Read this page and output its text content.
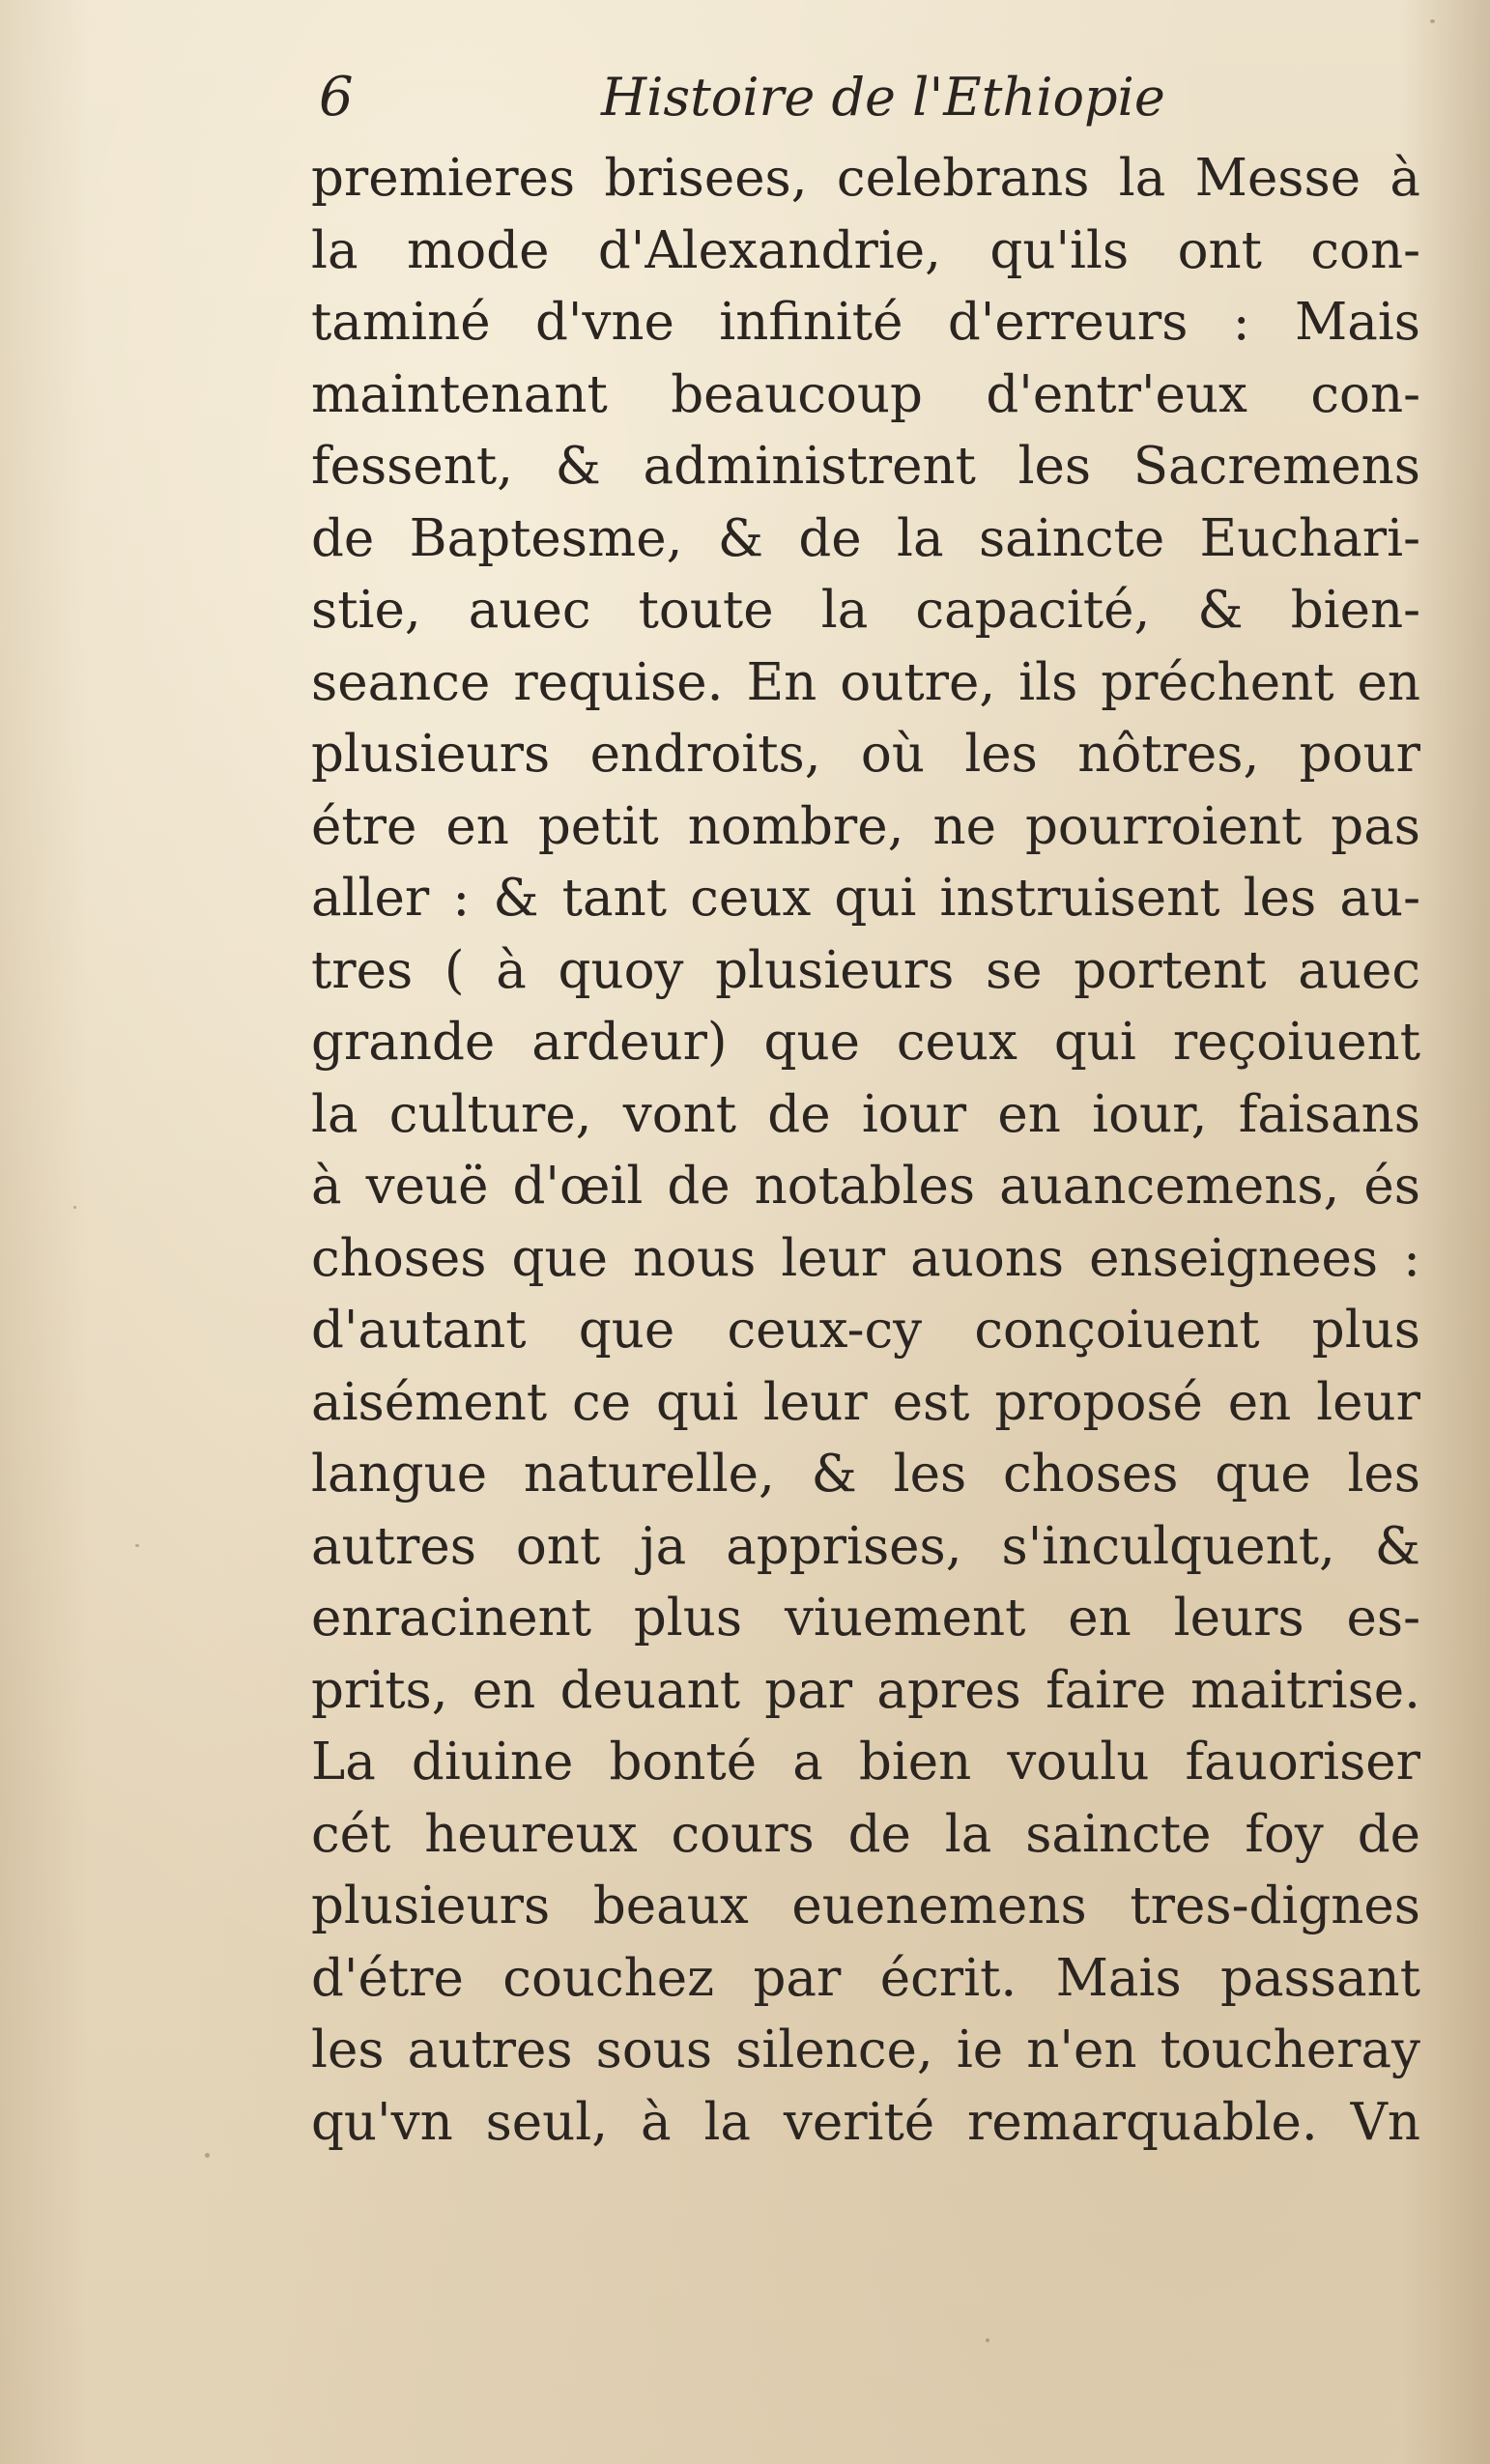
6	Histoire de l'Ethiopie
premieres brisees, celebrans la Messe à
la mode d'Alexandrie, qu'ils ont con-
taminé d'vne infinité d'erreurs : Mais
maintenant beaucoup d'entr'eux con-
fessent, & administrent les Sacremens
de Baptesme, & de la saincte Euchari-
stie, auec toute la capacité, & bien-
seance requise. En outre, ils préchent en
plusieurs endroits, où les nôtres, pour
étre en petit nombre, ne pourroient pas
aller : & tant ceux qui instruisent les au-
tres ( à quoy plusieurs se portent auec
grande ardeur) que ceux qui reçoiuent
la culture, vont de iour en iour, faisans
à veuë d'œil de notables auancemens, és
choses que nous leur auons enseignees :
d'autant que ceux-cy conçoiuent plus
aisément ce qui leur est proposé en leur
langue naturelle, & les choses que les
autres ont ja apprises, s'inculquent, &
enracinent plus viuement en leurs es-
prits, en deuant par apres faire maitrise.
La diuine bonté a bien voulu fauoriser
cét heureux cours de la saincte foy de
plusieurs beaux euenemens tres-dignes
d'étre couchez par écrit. Mais passant
les autres sous silence, ie n'en toucheray
qu'vn seul, à la verité remarquable. Vn
